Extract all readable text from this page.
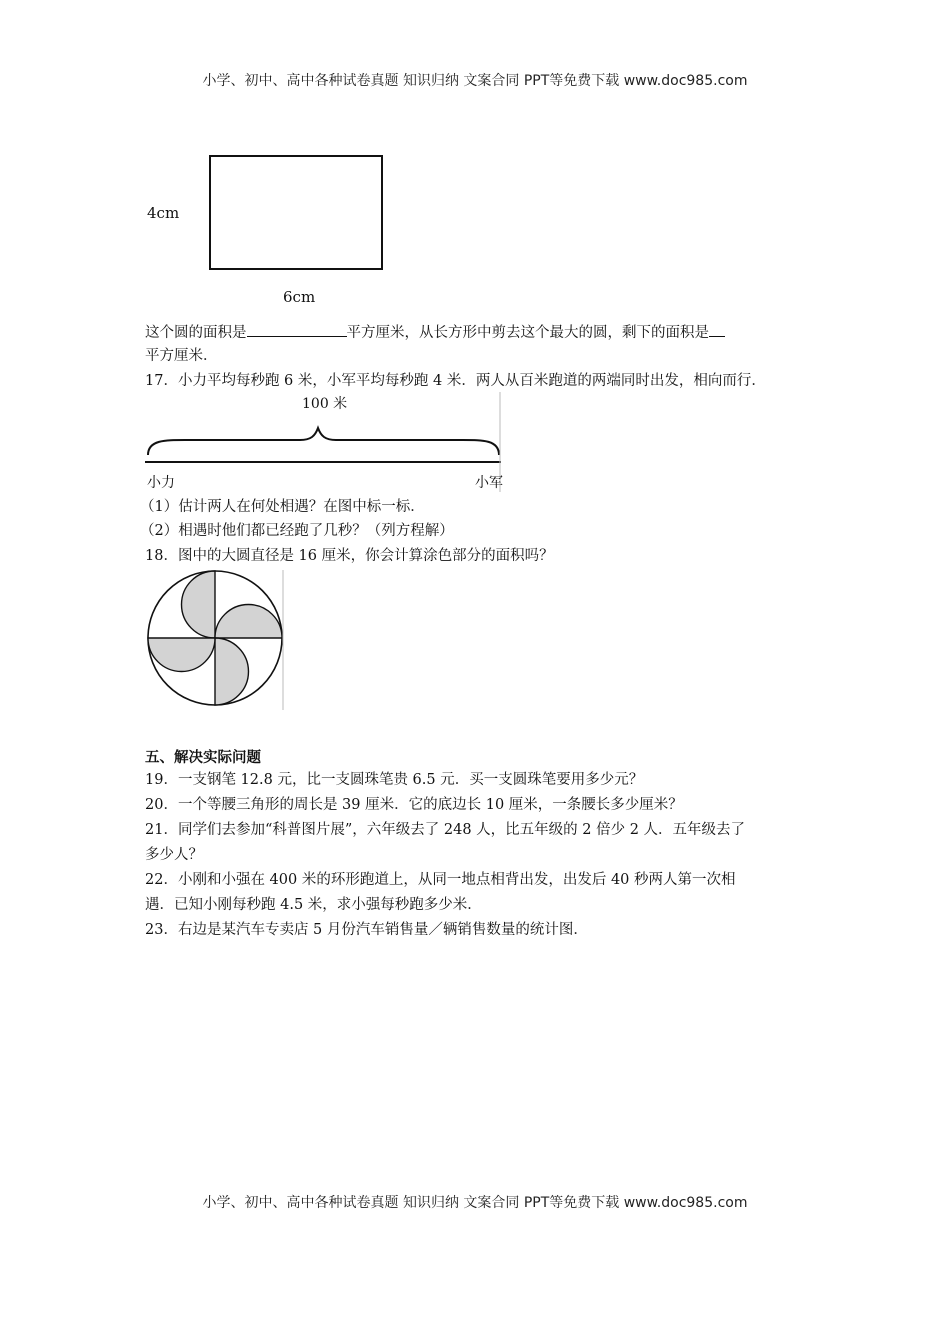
小学、初中、高中各种试卷真题 知识归纳 文案合同 PPT等免费下载 www.doc985.com
4cm
6cm
这个圆的面积是	平方厘米，从长方形中剪去这个最大的圆，剩下的面积是
平方厘米．
17．小力平均每秒跑 6 米，小军平均每秒跑 4 米．两人从百米跑道的两端同时出发，相向而行．
100 米
小力	小军
（1）估计两人在何处相遇？在图中标一标．
（2）相遇时他们都已经跑了几秒？（列方程解）
18．图中的大圆直径是 16 厘米，你会计算涂色部分的面积吗？
五、解决实际问题
19．一支钢笔 12.8 元，比一支圆珠笔贵 6.5 元．买一支圆珠笔要用多少元？
20．一个等腰三角形的周长是 39 厘米．它的底边长 10 厘米，一条腰长多少厘米？
21．同学们去参加“科普图片展”，六年级去了 248 人，比五年级的 2 倍少 2 人．五年级去了
多少人？
22．小刚和小强在 400 米的环形跑道上，从同一地点相背出发，出发后 40 秒两人第一次相
遇．已知小刚每秒跑 4.5 米，求小强每秒跑多少米．
23．右边是某汽车专卖店 5 月份汽车销售量／辆销售数量的统计图．
小学、初中、高中各种试卷真题 知识归纳 文案合同 PPT等免费下载 www.doc985.com
